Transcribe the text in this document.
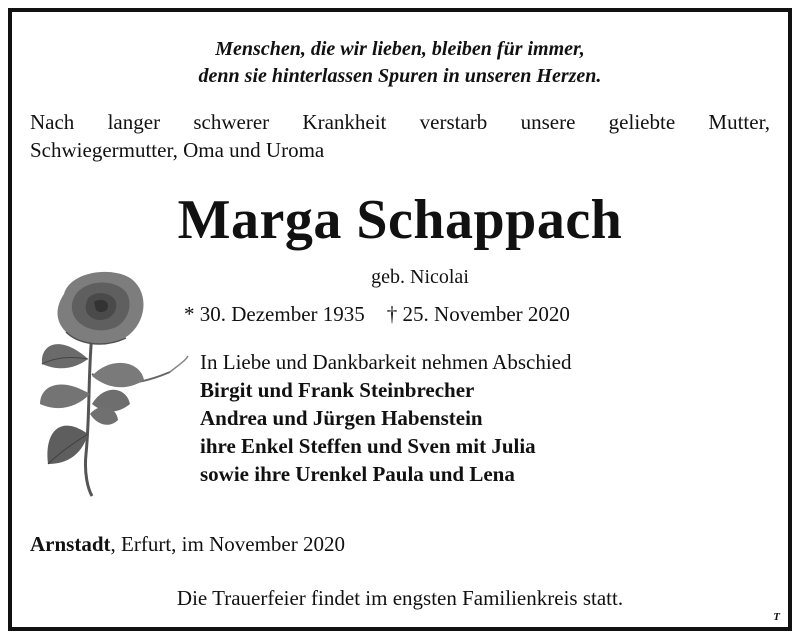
Menschen, die wir lieben, bleiben für immer,
denn sie hinterlassen Spuren in unseren Herzen.
Nach langer schwerer Krankheit verstarb unsere geliebte Mutter,
Schwiegermutter, Oma und Uroma
Marga Schappach
geb. Nicolai
* 30. Dezember 1935 † 25. November 2020
In Liebe und Dankbarkeit nehmen Abschied
Birgit und Frank Steinbrecher
Andrea und Jürgen Habenstein
ihre Enkel Steffen und Sven mit Julia
sowie ihre Urenkel Paula und Lena
Arnstadt, Erfurt, im November 2020
Die Trauerfeier findet im engsten Familienkreis statt.
T
